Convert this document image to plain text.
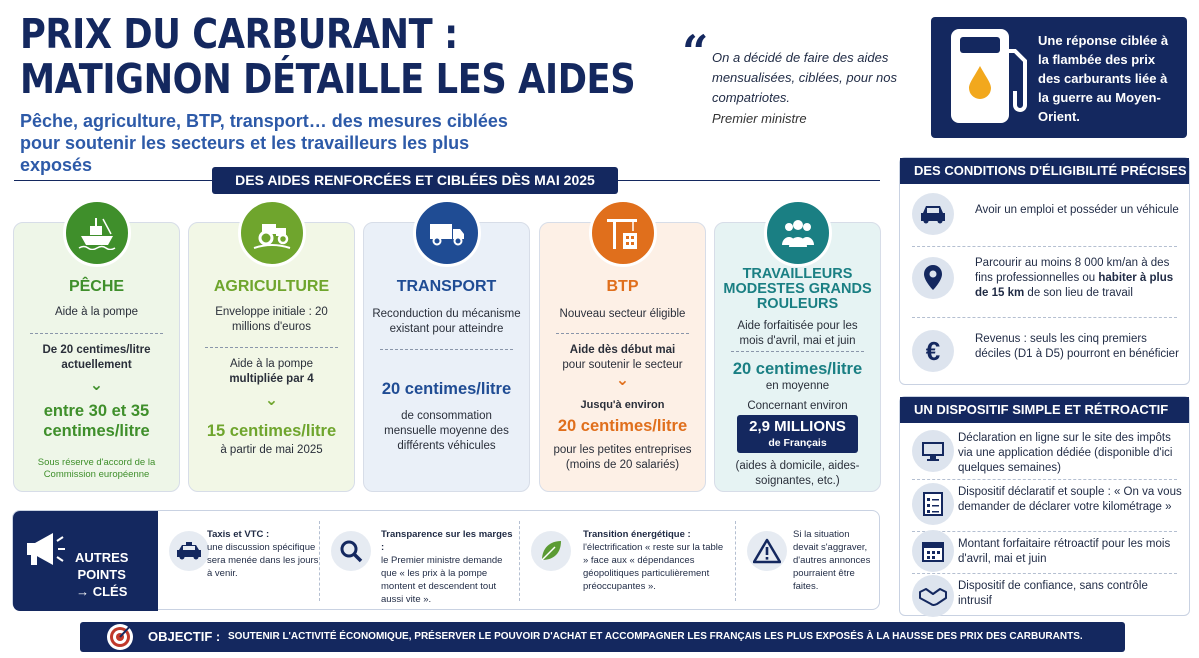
PRIX DU CARBURANT :
MATIGNON DÉTAILLE LES AIDES
Pêche, agriculture, BTP, transport… des mesures ciblées pour soutenir les secteurs et les travailleurs les plus exposés
“ On a décidé de faire des aides mensualisées, ciblées, pour nos compatriotes.
Premier ministre
Une réponse ciblée à la flambée des prix des carburants liée à la guerre au Moyen-Orient.
DES AIDES RENFORCÉES ET CIBLÉES DÈS MAI 2025
PÊCHE
Aide à la pompe
De 20 centimes/litre actuellement
⌄
entre 30 et 35 centimes/litre
Sous réserve d'accord de la Commission européenne
AGRICULTURE
Enveloppe initiale : 20 millions d'euros
Aide à la pompe
multipliée par 4
⌄
15 centimes/litre
à partir de mai 2025
TRANSPORT
Reconduction du mécanisme existant pour atteindre
20 centimes/litre
de consommation mensuelle moyenne des différents véhicules
BTP
Nouveau secteur éligible
Aide dès début mai
pour soutenir le secteur
⌄
Jusqu'à environ
20 centimes/litre
pour les petites entreprises (moins de 20 salariés)
TRAVAILLEURS MODESTES GRANDS ROULEURS
Aide forfaitisée pour les mois d'avril, mai et juin
20 centimes/litre
en moyenne
Concernant environ
2,9 MILLIONS
de Français
(aides à domicile, aides-soignantes, etc.)
DES CONDITIONS D'ÉLIGIBILITÉ PRÉCISES
Avoir un emploi et posséder un véhicule
Parcourir au moins 8 000 km/an à des fins professionnelles ou habiter à plus de 15 km de son lieu de travail
€	Revenus : seuls les cinq premiers déciles (D1 à D5) pourront en bénéficier
UN DISPOSITIF SIMPLE ET RÉTROACTIF
Déclaration en ligne sur le site des impôts via une application dédiée (disponible d'ici quelques semaines)
Dispositif déclaratif et souple : « On va vous demander de déclarer votre kilométrage »
Montant forfaitaire rétroactif pour les mois d'avril, mai et juin
Dispositif de confiance, sans contrôle intrusif
AUTRES
POINTS
→ CLÉS
Taxis et VTC :
une discussion spécifique sera menée dans les jours à venir.
Transparence sur les marges :
le Premier ministre demande que « les prix à la pompe montent et descendent tout aussi vite ».
Transition énergétique :
l'électrification « reste sur la table » face aux « dépendances géopolitiques particulièrement préoccupantes ».
Si la situation devait s'aggraver, d'autres annonces pourraient être faites.
OBJECTIF : SOUTENIR L'ACTIVITÉ ÉCONOMIQUE, PRÉSERVER LE POUVOIR D'ACHAT ET ACCOMPAGNER LES FRANÇAIS LES PLUS EXPOSÉS À LA HAUSSE DES PRIX DES CARBURANTS.
